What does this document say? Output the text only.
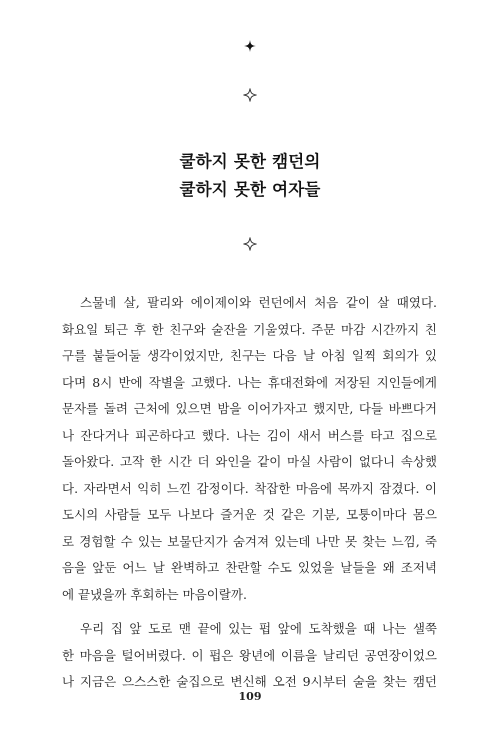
쿨하지 못한 캠던의
쿨하지 못한 여자들
스물네 살, 팔리와 에이제이와 런던에서 처음 같이 살 때였다.
화요일 퇴근 후 한 친구와 술잔을 기울였다. 주문 마감 시간까지 친
구를 붙들어둘 생각이었지만, 친구는 다음 날 아침 일찍 회의가 있
다며 8시 반에 작별을 고했다. 나는 휴대전화에 저장된 지인들에게
문자를 돌려 근처에 있으면 밤을 이어가자고 했지만, 다들 바쁘다거
나 잔다거나 피곤하다고 했다. 나는 김이 새서 버스를 타고 집으로
돌아왔다. 고작 한 시간 더 와인을 같이 마실 사람이 없다니 속상했
다. 자라면서 익히 느낀 감정이다. 착잡한 마음에 목까지 잠겼다. 이
도시의 사람들 모두 나보다 즐거운 것 같은 기분, 모퉁이마다 몸으
로 경험할 수 있는 보물단지가 숨겨져 있는데 나만 못 찾는 느낌, 죽
음을 앞둔 어느 날 완벽하고 찬란할 수도 있었을 날들을 왜 조저녁
에 끝냈을까 후회하는 마음이랄까.
우리 집 앞 도로 맨 끝에 있는 펍 앞에 도착했을 때 나는 샐쭉
한 마음을 털어버렸다. 이 펍은 왕년에 이름을 날리던 공연장이었으
나 지금은 으스스한 술집으로 변신해 오전 9시부터 술을 찾는 캠던
109
